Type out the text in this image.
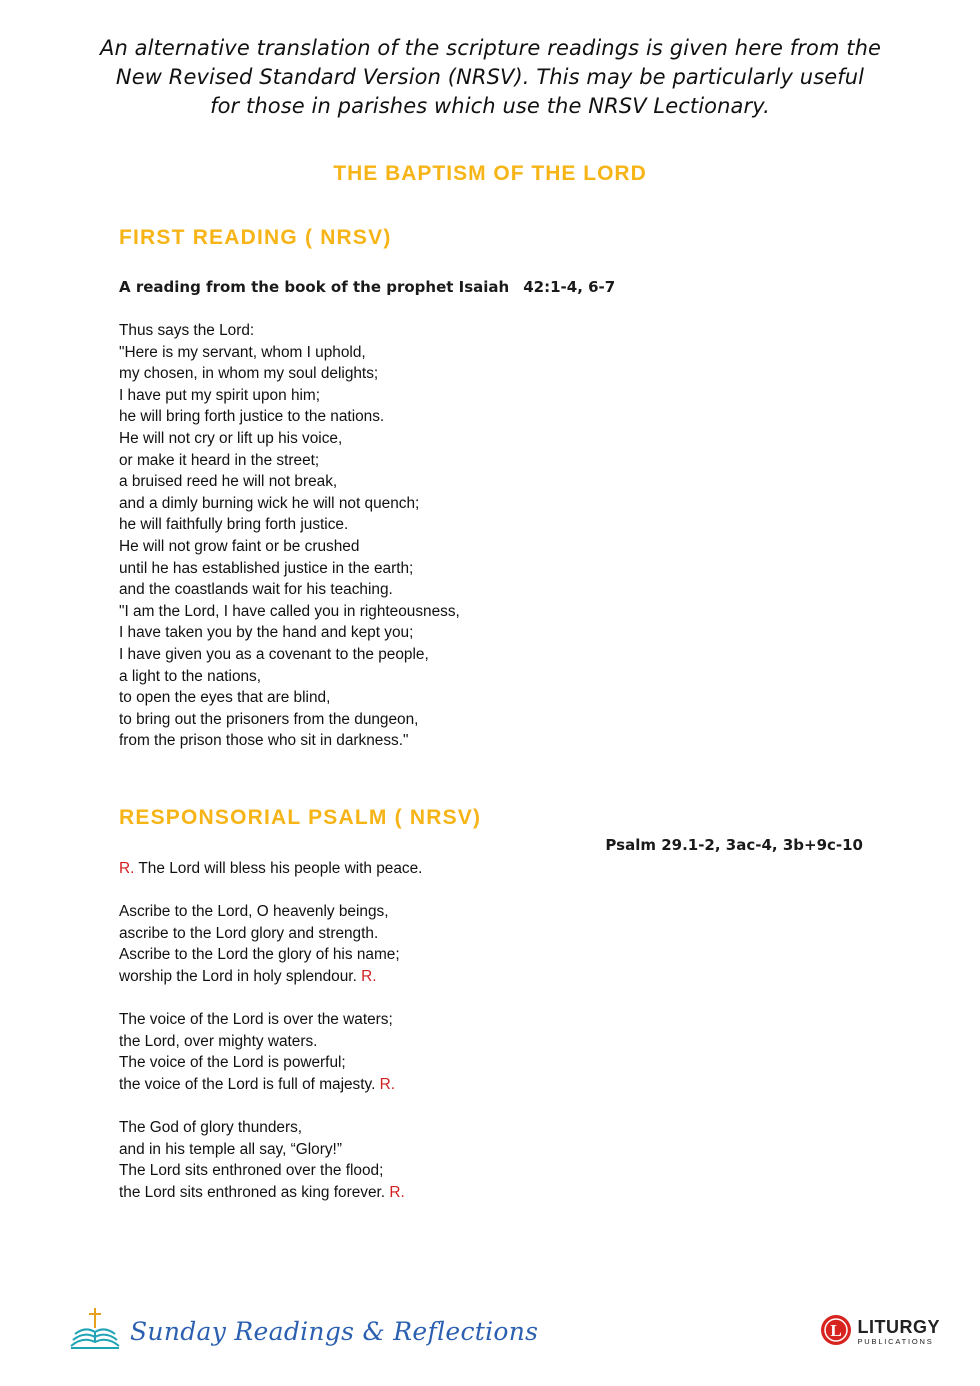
An alternative translation of the scripture readings is given here from the
New Revised Standard Version (NRSV). This may be particularly useful
for those in parishes which use the NRSV Lectionary.
THE BAPTISM OF THE LORD
FIRST READING ( NRSV)
A reading from the book of the prophet Isaiah 42:1-4, 6-7
Thus says the Lord:
"Here is my servant, whom I uphold,
my chosen, in whom my soul delights;
I have put my spirit upon him;
he will bring forth justice to the nations.
He will not cry or lift up his voice,
or make it heard in the street;
a bruised reed he will not break,
and a dimly burning wick he will not quench;
he will faithfully bring forth justice.
He will not grow faint or be crushed
until he has established justice in the earth;
and the coastlands wait for his teaching.
"I am the Lord, I have called you in righteousness,
I have taken you by the hand and kept you;
I have given you as a covenant to the people,
a light to the nations,
to open the eyes that are blind,
to bring out the prisoners from the dungeon,
from the prison those who sit in darkness."
RESPONSORIAL PSALM ( NRSV)
Psalm 29.1-2, 3ac-4, 3b+9c-10
R. The Lord will bless his people with peace.
Ascribe to the Lord, O heavenly beings,
ascribe to the Lord glory and strength.
Ascribe to the Lord the glory of his name;
worship the Lord in holy splendour. R.
The voice of the Lord is over the waters;
the Lord, over mighty waters.
The voice of the Lord is powerful;
the voice of the Lord is full of majesty. R.
The God of glory thunders,
and in his temple all say, “Glory!”
The Lord sits enthroned over the flood;
the Lord sits enthroned as king forever. R.
Sunday Readings & Reflections	L LITURGY
PUBLICATIONS
